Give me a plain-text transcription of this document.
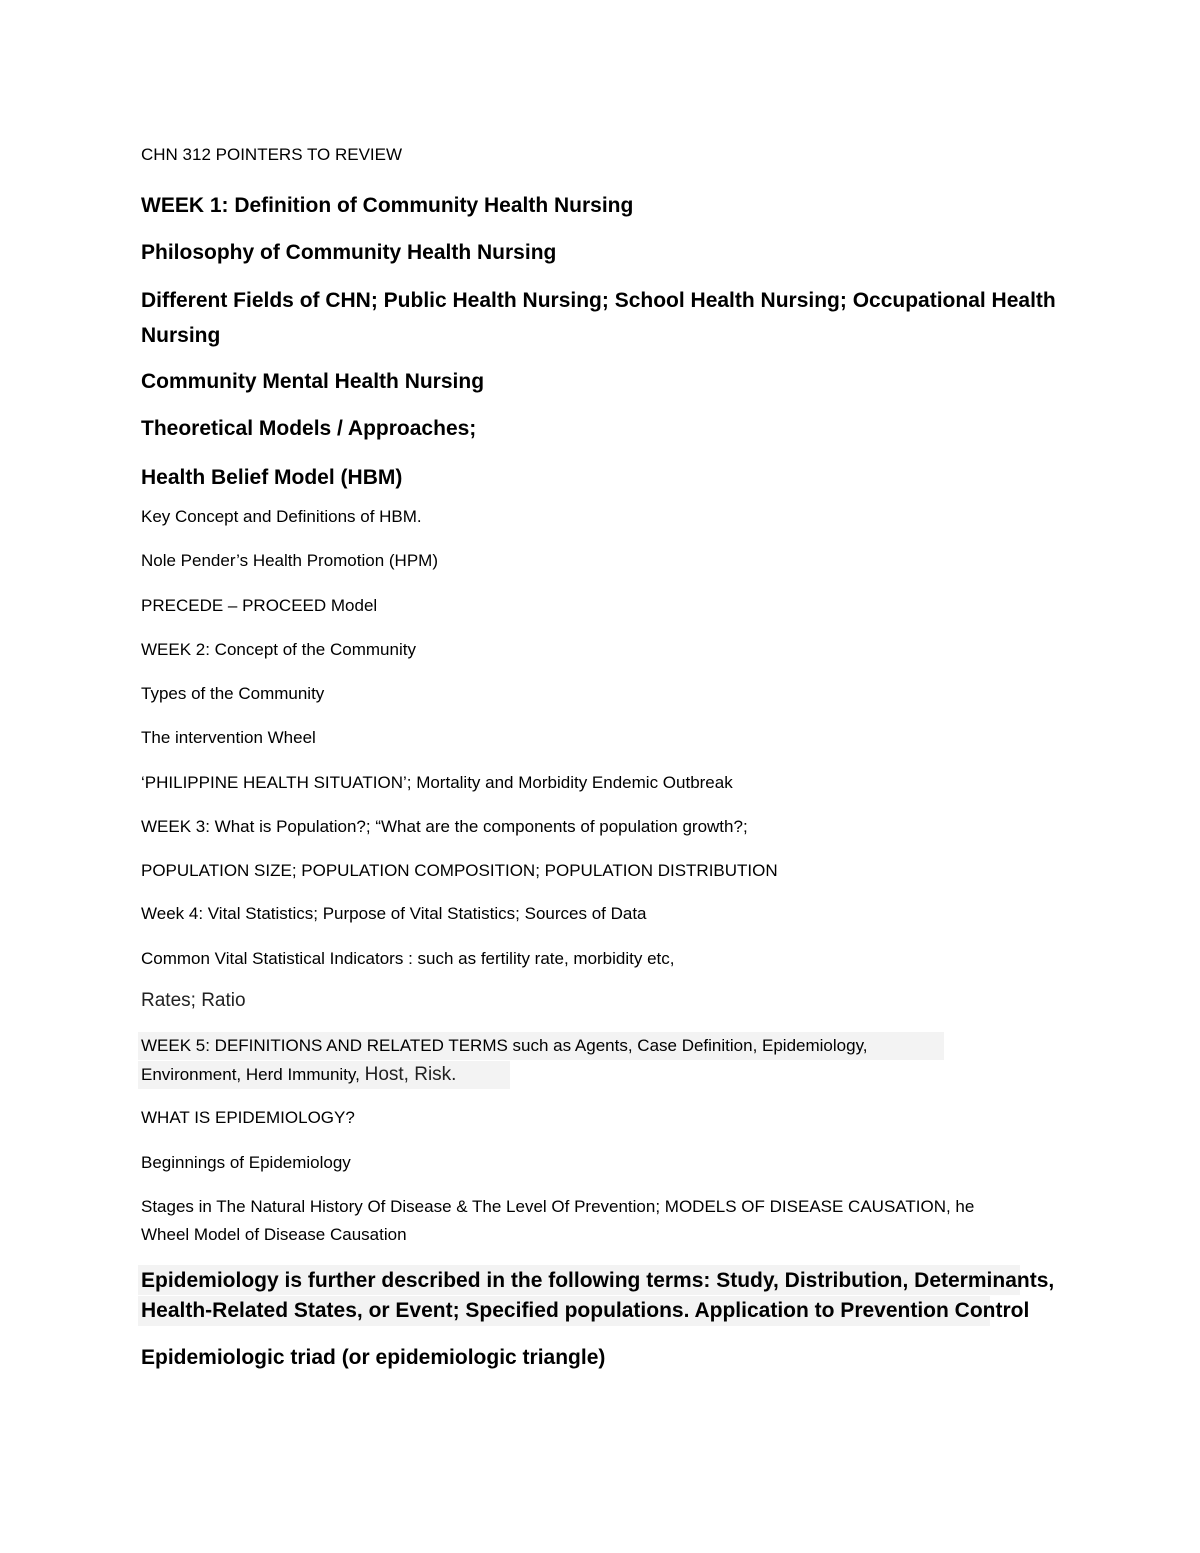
CHN 312 POINTERS TO REVIEW

WEEK 1: Definition of Community Health Nursing

Philosophy of Community Health Nursing

Different Fields of CHN; Public Health Nursing; School Health Nursing; Occupational Health

Nursing

Community Mental Health Nursing

Theoretical Models / Approaches;

Health Belief Model (HBM)

Key Concept and Definitions of HBM.

Nole Pender’s Health Promotion (HPM)

PRECEDE – PROCEED Model

WEEK 2: Concept of the Community

Types of the Community

The intervention Wheel

‘PHILIPPINE HEALTH SITUATION’; Mortality and Morbidity Endemic Outbreak

WEEK 3: What is Population?; “What are the components of population growth?;

POPULATION SIZE; POPULATION COMPOSITION; POPULATION DISTRIBUTION

Week 4: Vital Statistics; Purpose of Vital Statistics; Sources of Data

Common Vital Statistical Indicators : such as fertility rate, morbidity etc,

Rates; Ratio

WEEK 5: DEFINITIONS AND RELATED TERMS such as Agents, Case Definition, Epidemiology,

Environment, Herd Immunity, Host, Risk.

WHAT IS EPIDEMIOLOGY?

Beginnings of Epidemiology

Stages in The Natural History Of Disease & The Level Of Prevention; MODELS OF DISEASE CAUSATION, he

Wheel Model of Disease Causation

Epidemiology is further described in the following terms: Study, Distribution, Determinants,

Health-Related States, or Event; Specified populations. Application to Prevention Control

Epidemiologic triad (or epidemiologic triangle)
